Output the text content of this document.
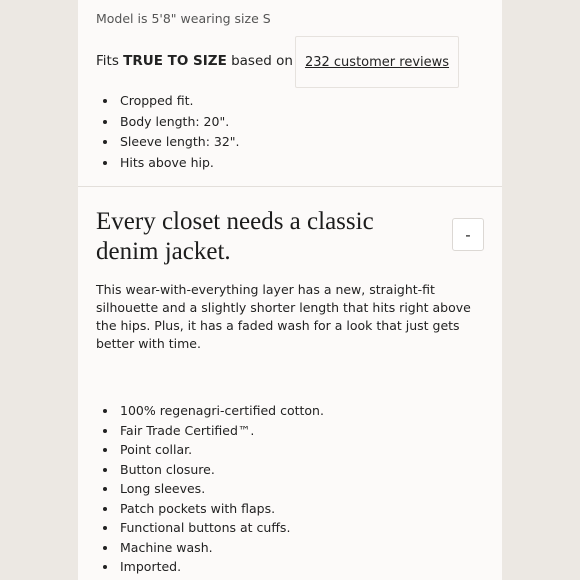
Model is 5'8" wearing size S
Fits TRUE TO SIZE based on 232 customer reviews
• Cropped fit.
• Body length: 20".
• Sleeve length: 32".
• Hits above hip.
Every closet needs a classic denim jacket.
-

This wear-with-everything layer has a new, straight-fit silhouette and a slightly shorter length that hits right above the hips. Plus, it has a faded wash for a look that just gets better with time.

• 100% regenagri-certified cotton.
• Fair Trade Certified™.
• Point collar.
• Button closure.
• Long sleeves.
• Patch pockets with flaps.
• Functional buttons at cuffs.
• Machine wash.
• Imported.
